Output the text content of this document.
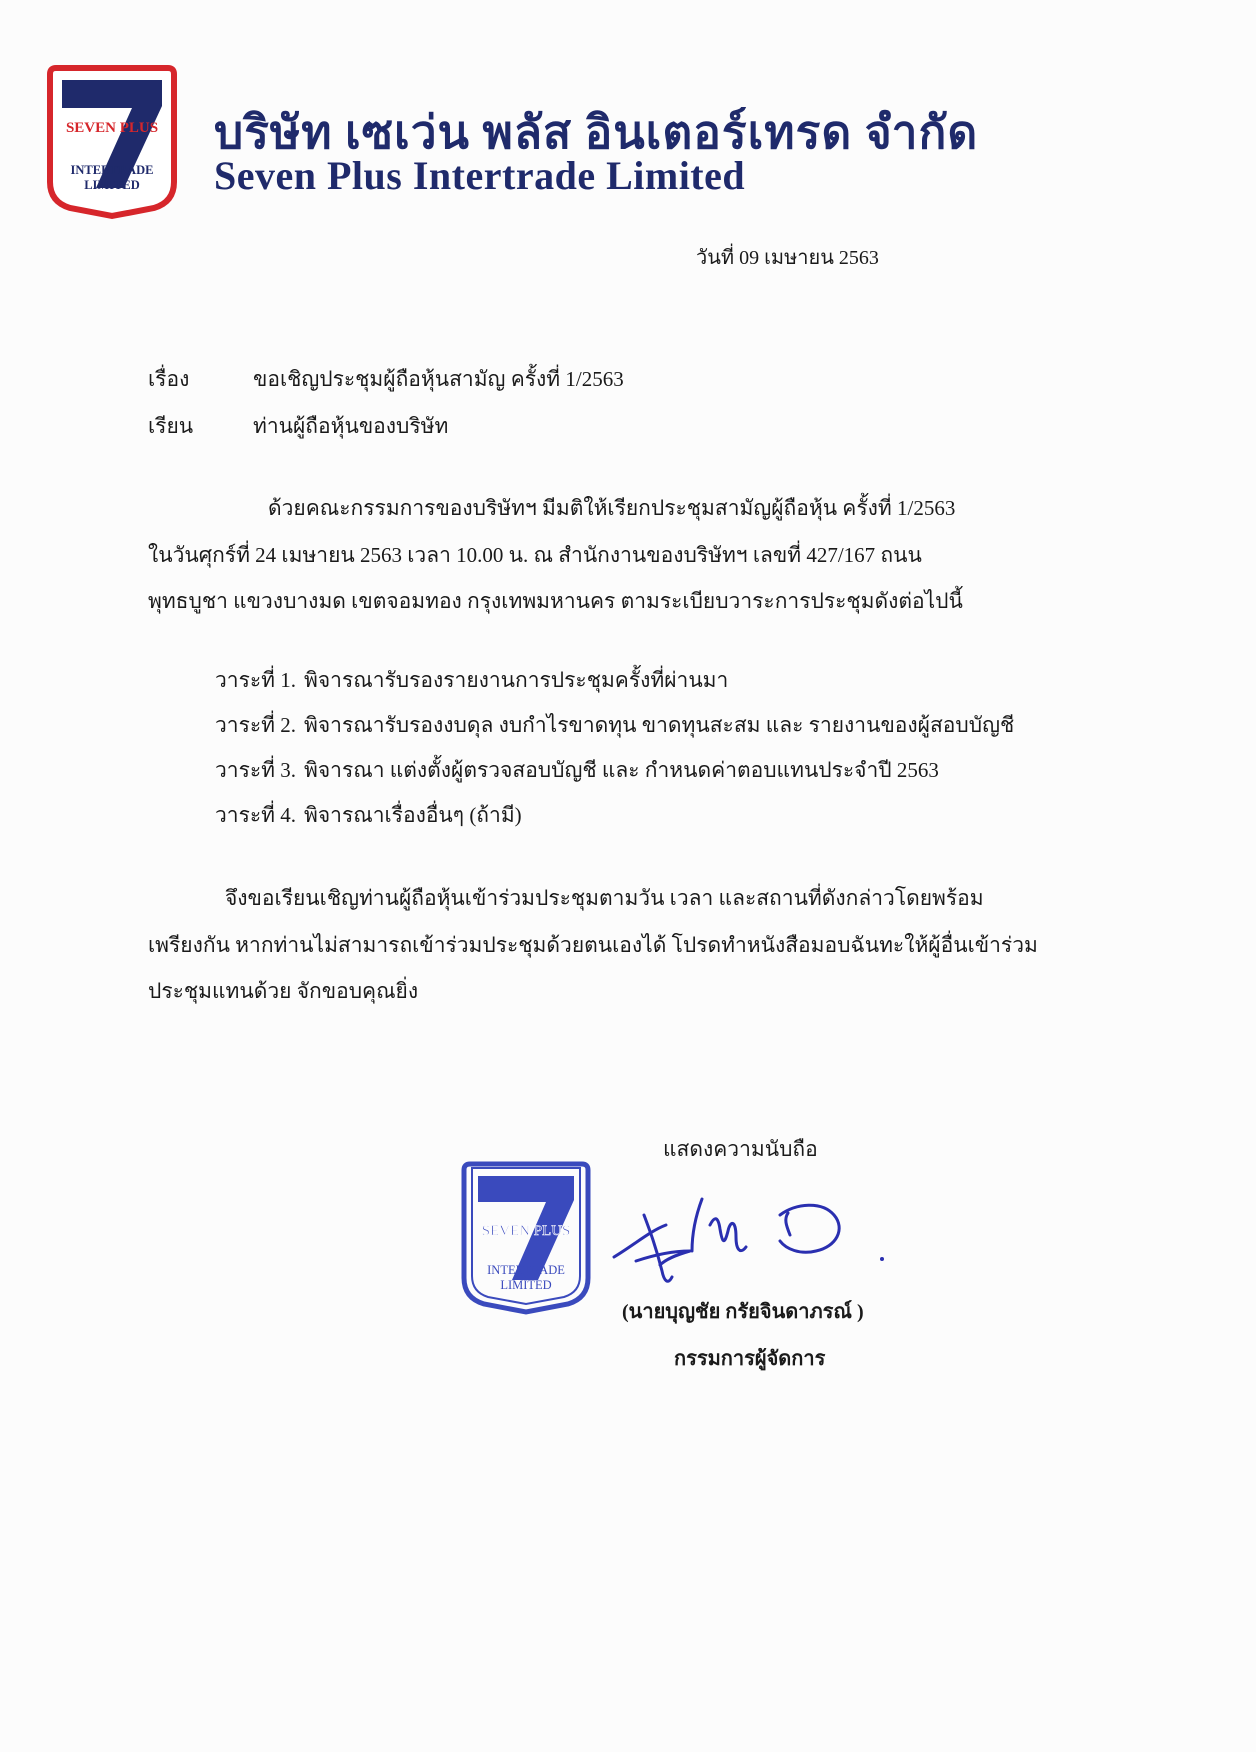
SEVEN PLUS
INTERTRADE
LIMITED
บริษัท เซเว่น พลัส อินเตอร์เทรด จำกัด
Seven Plus Intertrade Limited
วันที่ 09 เมษายน 2563
เรื่อง	ขอเชิญประชุมผู้ถือหุ้นสามัญ ครั้งที่ 1/2563
เรียน	ท่านผู้ถือหุ้นของบริษัท
ด้วยคณะกรรมการของบริษัทฯ มีมติให้เรียกประชุมสามัญผู้ถือหุ้น ครั้งที่ 1/2563
ในวันศุกร์ที่ 24 เมษายน 2563 เวลา 10.00 น. ณ สำนักงานของบริษัทฯ เลขที่ 427/167 ถนน
พุทธบูชา แขวงบางมด เขตจอมทอง กรุงเทพมหานคร ตามระเบียบวาระการประชุมดังต่อไปนี้
วาระที่ 1. พิจารณารับรองรายงานการประชุมครั้งที่ผ่านมา
วาระที่ 2. พิจารณารับรองงบดุล งบกำไรขาดทุน ขาดทุนสะสม และ รายงานของผู้สอบบัญชี
วาระที่ 3. พิจารณา แต่งตั้งผู้ตรวจสอบบัญชี และ กำหนดค่าตอบแทนประจำปี 2563
วาระที่ 4. พิจารณาเรื่องอื่นๆ (ถ้ามี)
จึงขอเรียนเชิญท่านผู้ถือหุ้นเข้าร่วมประชุมตามวัน เวลา และสถานที่ดังกล่าวโดยพร้อม
เพรียงกัน หากท่านไม่สามารถเข้าร่วมประชุมด้วยตนเองได้ โปรดทำหนังสือมอบฉันทะให้ผู้อื่นเข้าร่วม
ประชุมแทนด้วย จักขอบคุณยิ่ง
แสดงความนับถือ
SEVEN PLUS
INTERTRADE
LIMITED
(นายบุญชัย กรัยจินดาภรณ์ )
กรรมการผู้จัดการ
